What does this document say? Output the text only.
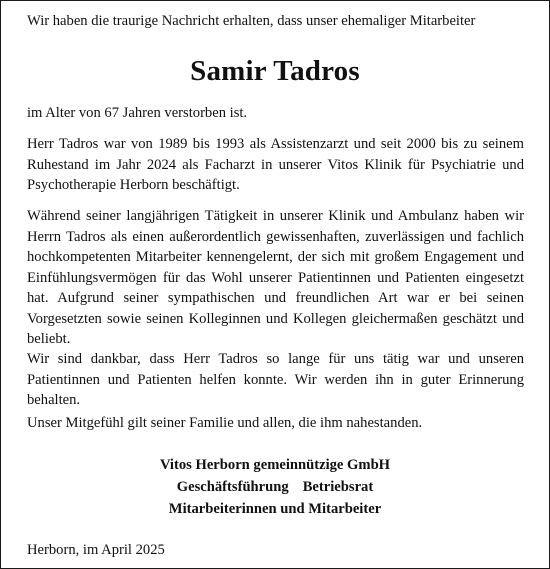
Wir haben die traurige Nachricht erhalten, dass unser ehemaliger Mitarbeiter
Samir Tadros

im Alter von 67 Jahren verstorben ist.

Herr Tadros war von 1989 bis 1993 als Assistenzarzt und seit 2000 bis zu seinem Ruhestand im Jahr 2024 als Facharzt in unserer Vitos Klinik für Psychiatrie und Psychotherapie Herborn beschäftigt.

Während seiner langjährigen Tätigkeit in unserer Klinik und Ambulanz haben wir Herrn Tadros als einen außerordentlich gewissenhaften, zuverlässigen und fachlich hochkompetenten Mitarbeiter kennengelernt, der sich mit großem Engagement und Einfühlungsvermögen für das Wohl unserer Patientinnen und Patienten eingesetzt hat. Aufgrund seiner sympathischen und freundlichen Art war er bei seinen Vorgesetzten sowie seinen Kolleginnen und Kollegen gleichermaßen geschätzt und beliebt.

Wir sind dankbar, dass Herr Tadros so lange für uns tätig war und unseren Patientinnen und Patienten helfen konnte. Wir werden ihn in guter Erinnerung behalten.

Unser Mitgefühl gilt seiner Familie und allen, die ihm nahestanden.

Vitos Herborn gemeinnützige GmbH
Geschäftsführung Betriebsrat
Mitarbeiterinnen und Mitarbeiter
Herborn, im April 2025
